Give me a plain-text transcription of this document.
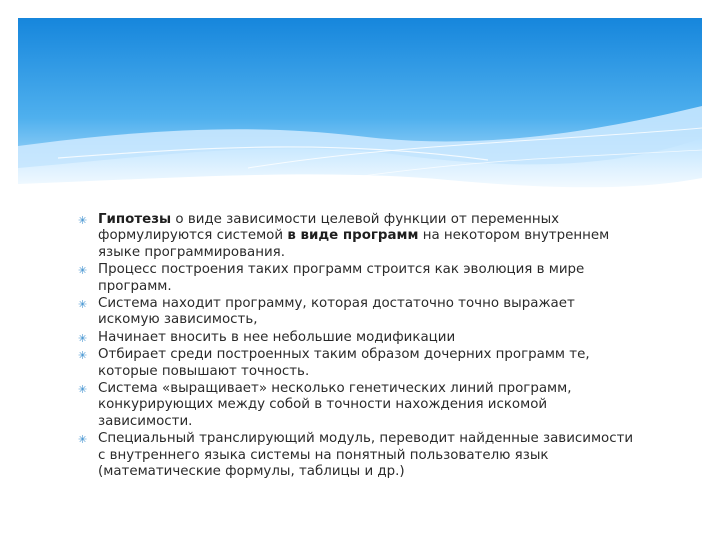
✳ Гипотезы о виде зависимости целевой функции от переменных формулируются системой в виде программ на некотором внутреннем языке программирования.
✳ Процесс построения таких программ строится как эволюция в мире программ.
✳ Система находит программу, которая достаточно точно выражает искомую зависимость,
✳ Начинает вносить в нее небольшие модификации
✳ Отбирает среди построенных таким образом дочерних программ те, которые повышают точность.
✳ Система «выращивает» несколько генетических линий программ, конкурирующих между собой в точности нахождения искомой зависимости.
✳ Специальный транслирующий модуль, переводит найденные зависимости с внутреннего языка системы на понятный пользователю язык (математические формулы, таблицы и др.)
